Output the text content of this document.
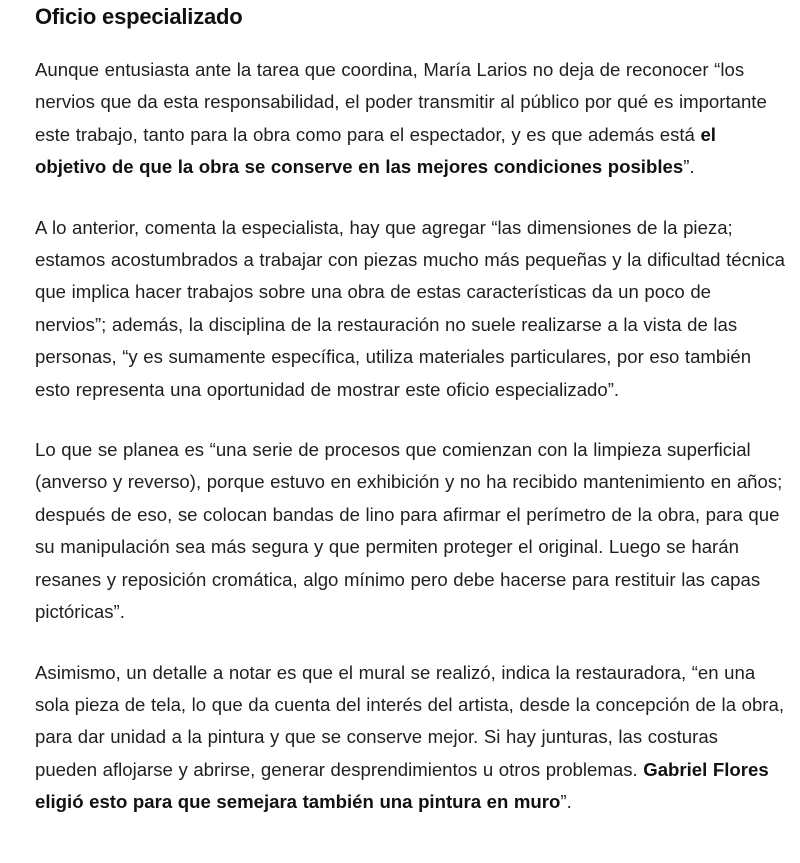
Oficio especializado

Aunque entusiasta ante la tarea que coordina, María Larios no deja de reconocer “los nervios que da esta responsabilidad, el poder transmitir al público por qué es importante este trabajo, tanto para la obra como para el espectador, y es que además está el objetivo de que la obra se conserve en las mejores condiciones posibles”.

A lo anterior, comenta la especialista, hay que agregar “las dimensiones de la pieza; estamos acostumbrados a trabajar con piezas mucho más pequeñas y la dificultad técnica que implica hacer trabajos sobre una obra de estas características da un poco de nervios”; además, la disciplina de la restauración no suele realizarse a la vista de las personas, “y es sumamente específica, utiliza materiales particulares, por eso también esto representa una oportunidad de mostrar este oficio especializado”.

Lo que se planea es “una serie de procesos que comienzan con la limpieza superficial (anverso y reverso), porque estuvo en exhibición y no ha recibido mantenimiento en años; después de eso, se colocan bandas de lino para afirmar el perímetro de la obra, para que su manipulación sea más segura y que permiten proteger el original. Luego se harán resanes y reposición cromática, algo mínimo pero debe hacerse para restituir las capas pictóricas”.

Asimismo, un detalle a notar es que el mural se realizó, indica la restauradora, “en una sola pieza de tela, lo que da cuenta del interés del artista, desde la concepción de la obra, para dar unidad a la pintura y que se conserve mejor. Si hay junturas, las costuras pueden aflojarse y abrirse, generar desprendimientos u otros problemas. Gabriel Flores eligió esto para que semejara también una pintura en muro”.
